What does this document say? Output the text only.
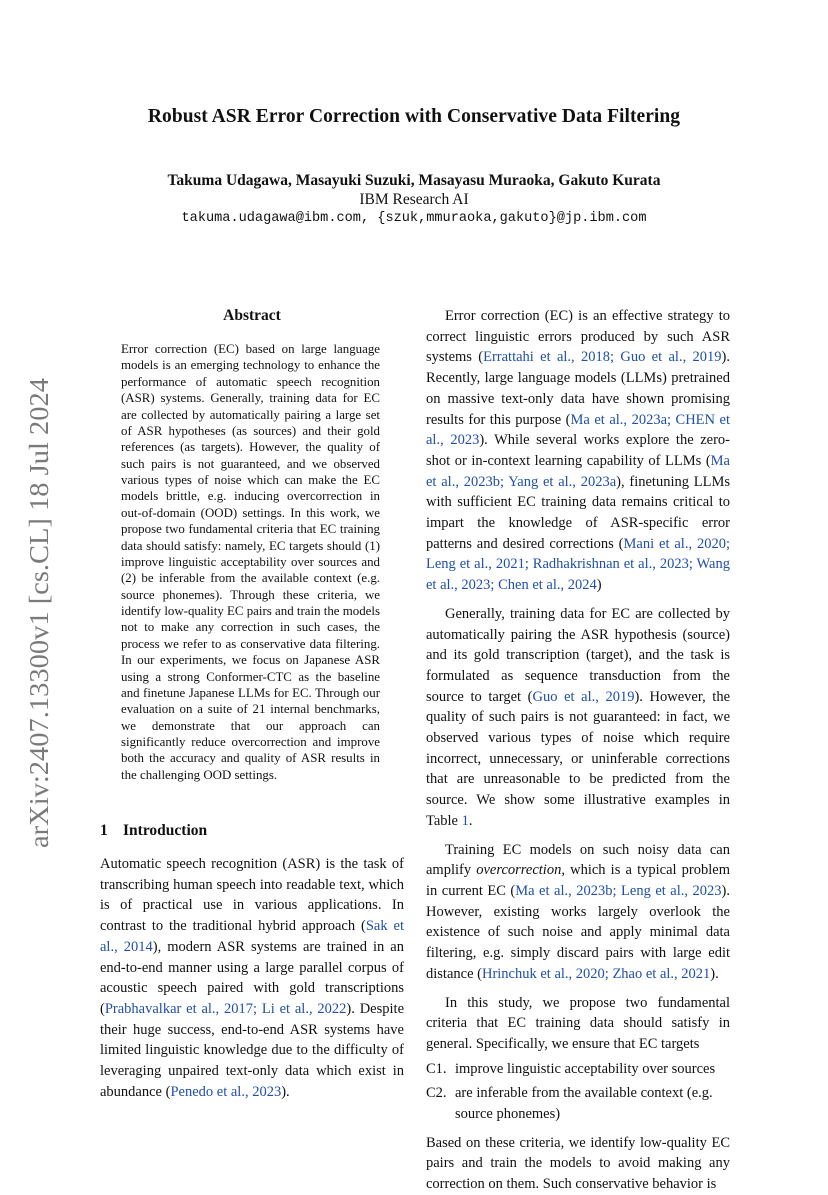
arXiv:2407.13300v1 [cs.CL] 18 Jul 2024
Robust ASR Error Correction with Conservative Data Filtering
Takuma Udagawa, Masayuki Suzuki, Masayasu Muraoka, Gakuto Kurata
IBM Research AI
takuma.udagawa@ibm.com, {szuk,mmuraoka,gakuto}@jp.ibm.com
Abstract
Error correction (EC) based on large language models is an emerging technology to enhance the performance of automatic speech recognition (ASR) systems. Generally, training data for EC are collected by automatically pairing a large set of ASR hypotheses (as sources) and their gold references (as targets). However, the quality of such pairs is not guaranteed, and we observed various types of noise which can make the EC models brittle, e.g. inducing overcorrection in out-of-domain (OOD) settings. In this work, we propose two fundamental criteria that EC training data should satisfy: namely, EC targets should (1) improve linguistic acceptability over sources and (2) be inferable from the available context (e.g. source phonemes). Through these criteria, we identify low-quality EC pairs and train the models not to make any correction in such cases, the process we refer to as conservative data filtering. In our experiments, we focus on Japanese ASR using a strong Conformer-CTC as the baseline and finetune Japanese LLMs for EC. Through our evaluation on a suite of 21 internal benchmarks, we demonstrate that our approach can significantly reduce overcorrection and improve both the accuracy and quality of ASR results in the challenging OOD settings.
1 Introduction

Automatic speech recognition (ASR) is the task of transcribing human speech into readable text, which is of practical use in various applications. In contrast to the traditional hybrid approach (Sak et al., 2014), modern ASR systems are trained in an end-to-end manner using a large parallel corpus of acoustic speech paired with gold transcriptions (Prabhavalkar et al., 2017; Li et al., 2022). Despite their huge success, end-to-end ASR systems have limited linguistic knowledge due to the difficulty of leveraging unpaired text-only data which exist in abundance (Penedo et al., 2023).

Error correction (EC) is an effective strategy to correct linguistic errors produced by such ASR systems (Errattahi et al., 2018; Guo et al., 2019). Recently, large language models (LLMs) pretrained on massive text-only data have shown promising results for this purpose (Ma et al., 2023a; CHEN et al., 2023). While several works explore the zero-shot or in-context learning capability of LLMs (Ma et al., 2023b; Yang et al., 2023a), finetuning LLMs with sufficient EC training data remains critical to impart the knowledge of ASR-specific error patterns and desired corrections (Mani et al., 2020; Leng et al., 2021; Radhakrishnan et al., 2023; Wang et al., 2023; Chen et al., 2024)

Generally, training data for EC are collected by automatically pairing the ASR hypothesis (source) and its gold transcription (target), and the task is formulated as sequence transduction from the source to target (Guo et al., 2019). However, the quality of such pairs is not guaranteed: in fact, we observed various types of noise which require incorrect, unnecessary, or uninferable corrections that are unreasonable to be predicted from the source. We show some illustrative examples in Table 1.

Training EC models on such noisy data can amplify overcorrection, which is a typical problem in current EC (Ma et al., 2023b; Leng et al., 2023). However, existing works largely overlook the existence of such noise and apply minimal data filtering, e.g. simply discard pairs with large edit distance (Hrinchuk et al., 2020; Zhao et al., 2021).

In this study, we propose two fundamental criteria that EC training data should satisfy in general. Specifically, we ensure that EC targets

C1. improve linguistic acceptability over sources
C2. are inferable from the available context (e.g. source phonemes)

Based on these criteria, we identify low-quality EC pairs and train the models to avoid making any correction on them. Such conservative behavior is
